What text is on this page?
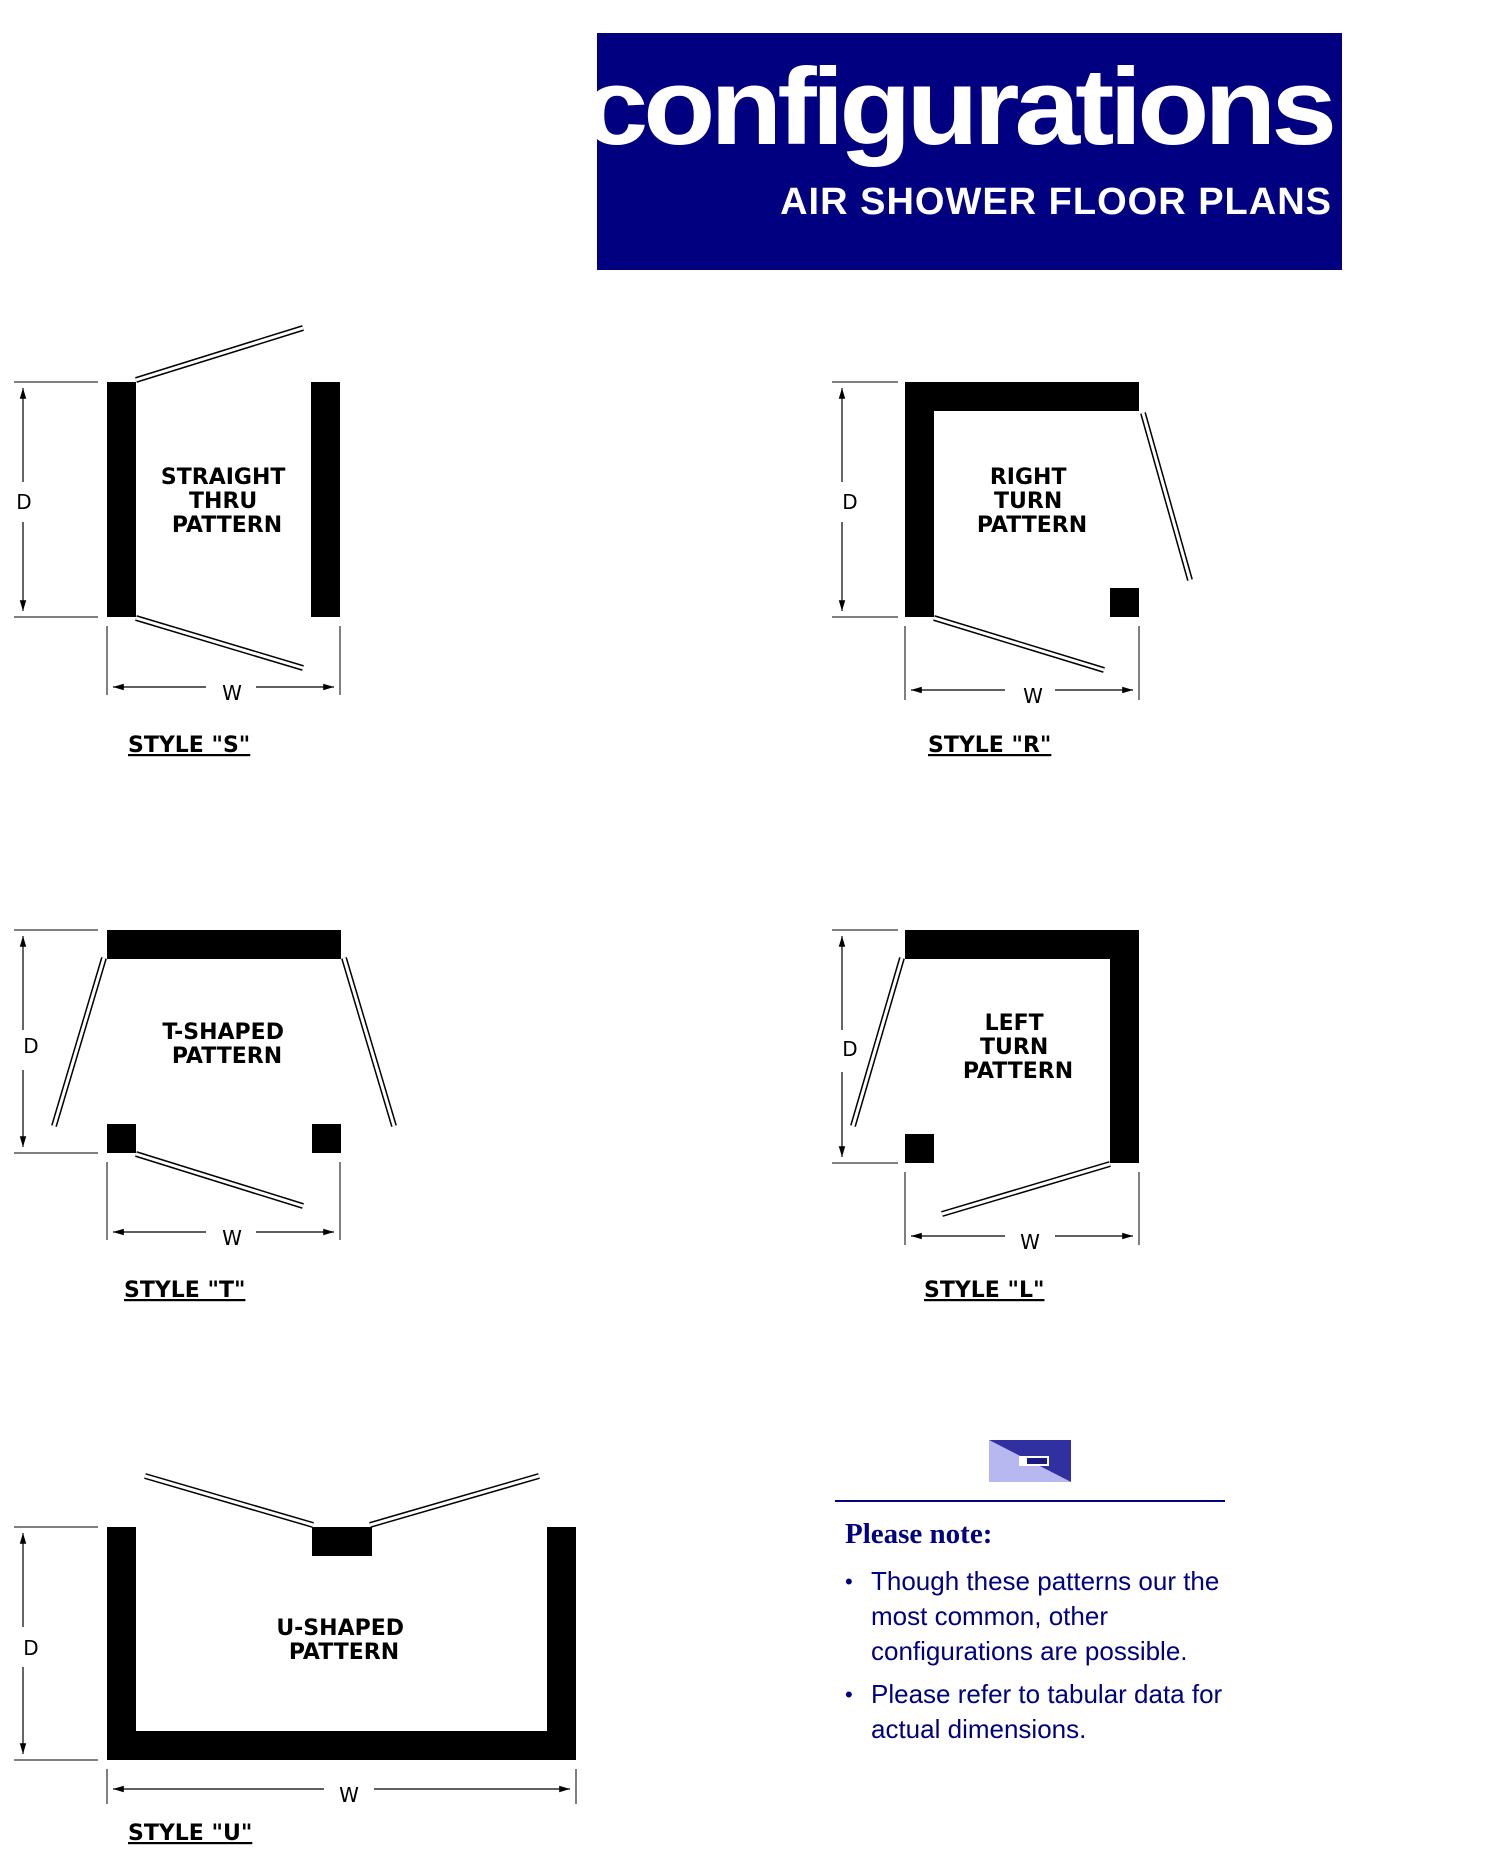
configurations
AIR SHOWER FLOOR PLANS
D
W
STRAIGHT THRU PATTERN
STYLE "S"
D
W
RIGHT TURN PATTERN
STYLE "R"
D
W
T-SHAPED PATTERN
STYLE "T"
D
W
LEFT TURN PATTERN
STYLE "L"
D
W
U-SHAPED PATTERN
STYLE "U"
Please note:
• Though these patterns our the most common, other configurations are possible.
• Please refer to tabular data for actual dimensions.
